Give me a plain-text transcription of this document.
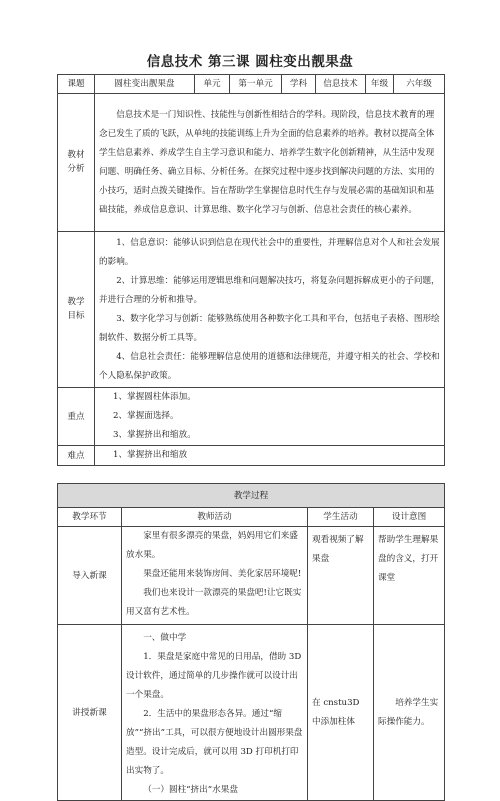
信息技术 第三课 圆柱变出靓果盘
课题	圆柱变出靓果盘	单元	第一单元	学科	信息技术	年级	六年级
教材分析	信息技术是一门知识性、技能性与创新性相结合的学科。现阶段，信息技术教育的理念已发生了质的飞跃，从单纯的技能训练上升为全面的信息素养的培养。教材以提高全体学生信息素养、养成学生自主学习意识和能力、培养学生数字化创新精神，从生活中发现问题、明确任务、确立目标、分析任务。在探究过程中逐步找到解决问题的方法、实用的小技巧，适时点拨关键操作。旨在帮助学生掌握信息时代生存与发展必需的基础知识和基础技能，养成信息意识、计算思维、数字化学习与创新、信息社会责任的核心素养。						

教学目标	1、信息意识：能够认识到信息在现代社会中的重要性，并理解信息对个人和社会发展的影响。

2、计算思维：能够运用逻辑思维和问题解决技巧，将复杂问题拆解成更小的子问题，并进行合理的分析和推导。

3、数字化学习与创新：能够熟练使用各种数字化工具和平台，包括电子表格、图形绘制软件、数据分析工具等。

4、信息社会责任：能够理解信息使用的道德和法律规范，并遵守相关的社会、学校和个人隐私保护政策。						

重点	1、掌握圆柱体添加。

2、掌握面选择。

3、掌握挤出和缩放。						

难点	1、掌握挤出和缩放						

教学过程			
教学环节	教师活动	学生活动	设计意图
导入新课	家里有很多漂亮的果盘，妈妈用它们来盛放水果。

果盘还能用来装饰房间、美化家居环境呢!

我们也来设计一款漂亮的果盘吧!让它既实用又富有艺术性。	观看视频了解果盘	帮助学生理解果盘的含义，打开课堂

讲授新课	一、做中学

1．果盘是家庭中常见的日用品，借助 3D 设计软件，通过简单的几步操作就可以设计出一个果盘。

2．生活中的果盘形态各异。通过“缩放”“挤出”工具，可以很方便地设计出圆形果盘造型。设计完成后，就可以用 3D 打印机打印出实物了。

（一）圆柱“挤出”水果盘	在 cnstu3D 中添加柱体	培养学生实际操作能力。
